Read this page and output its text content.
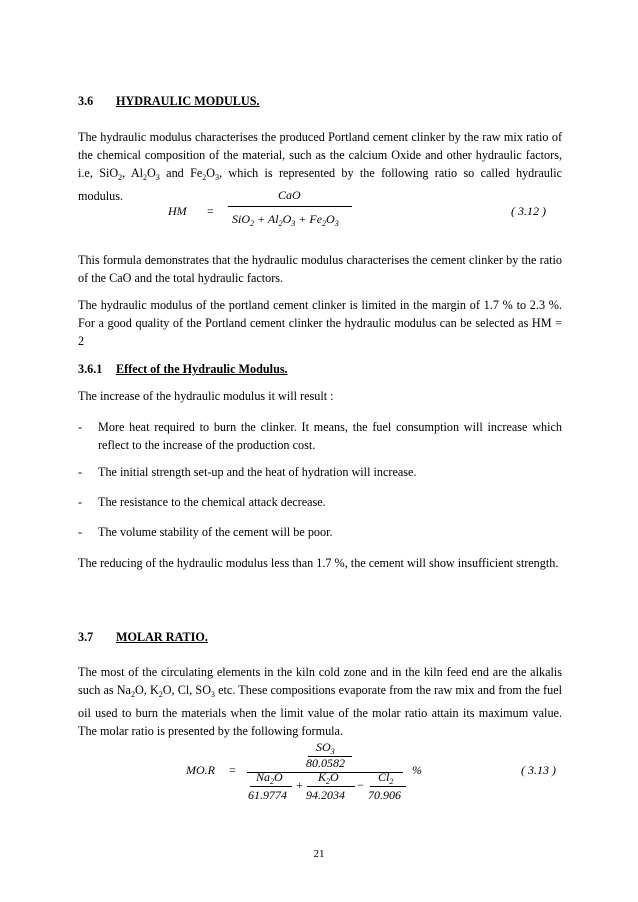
3.6 HYDRAULIC MODULUS.
The hydraulic modulus characterises the produced Portland cement clinker by the raw mix ratio of the chemical composition of the material, such as the calcium Oxide and other hydraulic factors, i.e, SiO$_2$, $Al_2O_3$ and $Fe_2O_3$, which is represented by the following ratio so called hydraulic modulus.
HM =
CaO
$SiO_2 + Al_2O_3 + Fe_2O_3$
( 3.12 )
This formula demonstrates that the hydraulic modulus characterises the cement clinker by the ratio of the CaO and the total hydraulic factors.
The hydraulic modulus of the portland cement clinker is limited in the margin of 1.7 % to 2.3 %. For a good quality of the Portland cement clinker the hydraulic modulus can be selected as HM = 2
3.6.1 Effect of the Hydraulic Modulus.
The increase of the hydraulic modulus it will result :
- More heat required to burn the clinker. It means, the fuel consumption will increase which reflect to the increase of the production cost.
- The initial strength set-up and the heat of hydration will increase.
- The resistance to the chemical attack decrease.
- The volume stability of the cement will be poor.
The reducing of the hydraulic modulus less than 1.7 %, the cement will show insufficient strength.
3.7 MOLAR RATIO.
The most of the circulating elements in the kiln cold zone and in the kiln feed end are the alkalis such as $Na_2O$, $K_2O$, Cl, $SO_3$ etc. These compositions evaporate from the raw mix and from the fuel oil used to burn the materials when the limit value of the molar ratio attain its maximum value. The molar ratio is presented by the following formula.
MO.R =
$SO_3$
80.0582
$Na_2O$
61.9774
+
$K_2O$
94.2034
−
$Cl_2$
70.906
%	( 3.13 )
21
